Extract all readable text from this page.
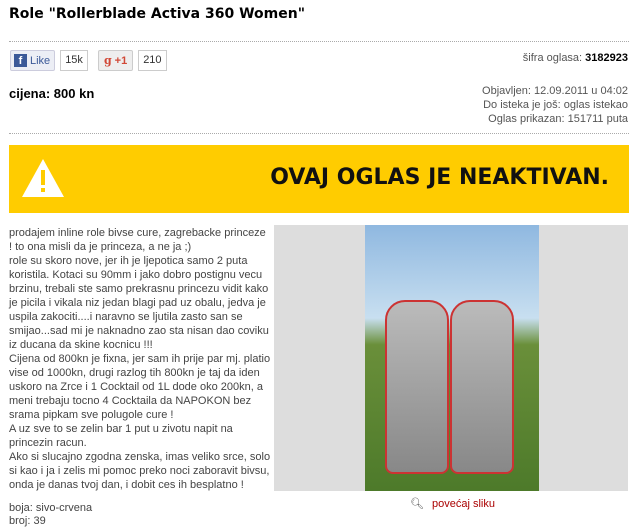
Role "Rollerblade Activa 360 Women"
f Like	15k	g +1	210	šifra oglasa: 3182923
cijena: 800 kn	Objavljen: 12.09.2011 u 04:02
Do isteka je još: oglas istekao
Oglas prikazan: 151711 puta
OVAJ OGLAS JE NEAKTIVAN.
prodajem inline role bivse cure, zagrebacke princeze ! to ona misli da je princeza, a ne ja ;)
role su skoro nove, jer ih je ljepotica samo 2 puta koristila. Kotaci su 90mm i jako dobro postignu vecu brzinu, trebali ste samo prekrasnu princezu vidit kako je picila i vikala niz jedan blagi pad uz obalu, jedva je uspila zakociti....i naravno se ljutila zasto san se smijao...sad mi je naknadno zao sta nisan dao coviku iz ducana da skine kocnicu !!!
Cijena od 800kn je fixna, jer sam ih prije par mj. platio vise od 1000kn, drugi razlog tih 800kn je taj da iden uskoro na Zrce i 1 Cocktail od 1L dode oko 200kn, a meni trebaju tocno 4 Cocktaila da NAPOKON bez srama pipkam sve polugole cure !
A uz sve to se zelin bar 1 put u zivotu napit na princezin racun.
Ako si slucajno zgodna zenska, imas veliko srce, solo si kao i ja i zelis mi pomoc preko noci zaboravit bivsu, onda je danas tvoj dan, i dobit ces ih besplatno !
boja: sivo-crvena
broj: 39
🔍︎ povećaj sliku
